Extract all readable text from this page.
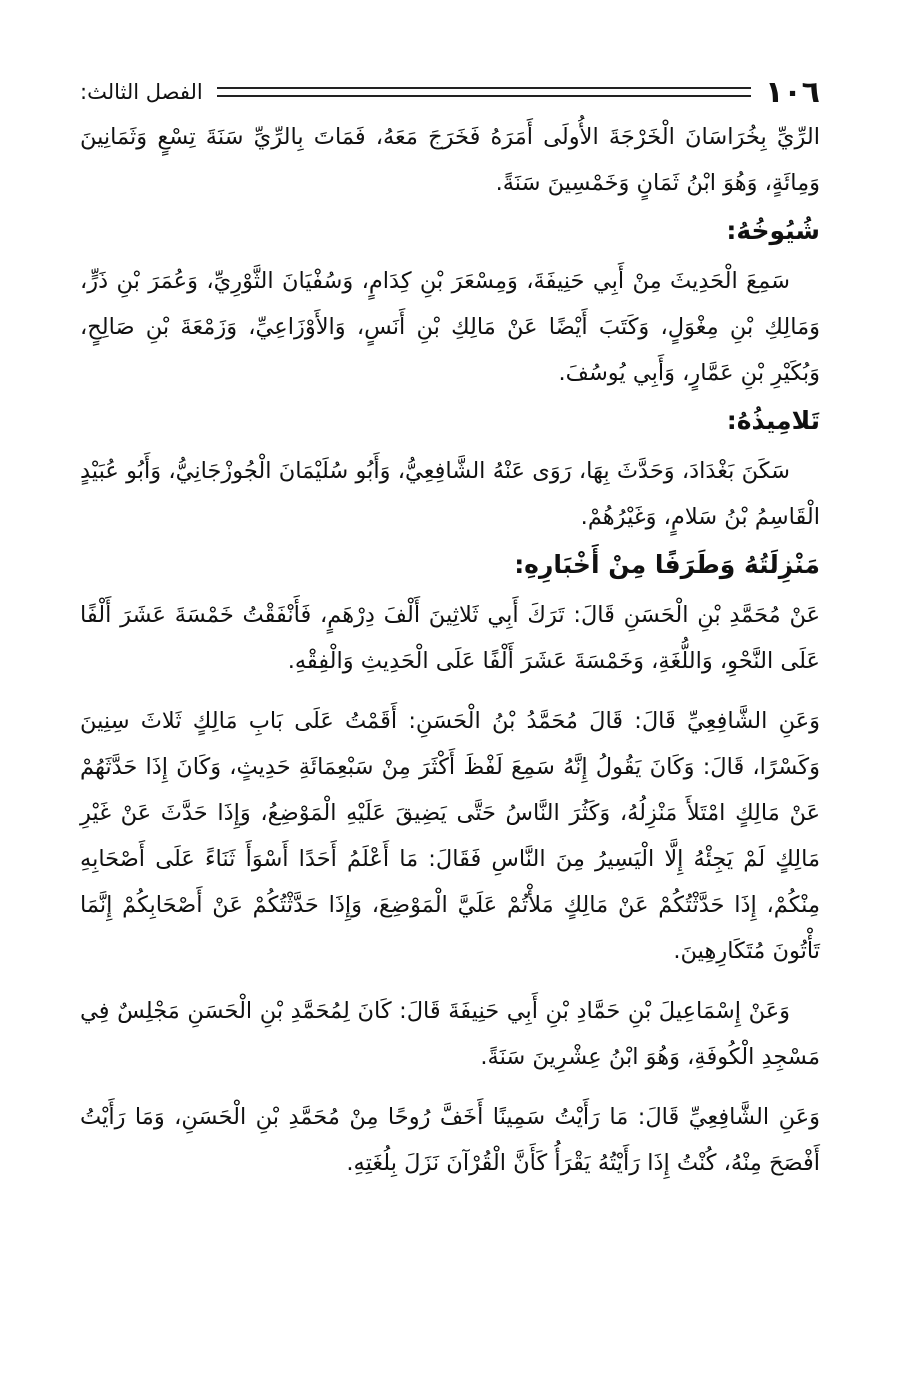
١٠٦
الفصل الثالث:

الرِّيِّ بِخُرَاسَانَ الْخَرْجَةَ الأُولَى أَمَرَهُ فَخَرَجَ مَعَهُ، فَمَاتَ بِالرِّيِّ سَنَةَ تِسْعٍ وَثَمَانِينَ وَمِائَةٍ، وَهُوَ ابْنُ ثَمَانٍ وَخَمْسِينَ سَنَةً.

شُيُوخُهُ:

سَمِعَ الْحَدِيثَ مِنْ أَبِي حَنِيفَةَ، وَمِسْعَرَ بْنِ كِدَامٍ، وَسُفْيَانَ الثَّوْرِيِّ، وَعُمَرَ بْنِ ذَرٍّ، وَمَالِكِ بْنِ مِغْوَلٍ، وَكَتَبَ أَيْضًا عَنْ مَالِكِ بْنِ أَنَسٍ، وَالأَوْزَاعِيِّ، وَزَمْعَةَ بْنِ صَالِحٍ، وَبُكَيْرِ بْنِ عَمَّارٍ، وَأَبِي يُوسُفَ.

تَلامِيذُهُ:

سَكَنَ بَغْدَادَ، وَحَدَّثَ بِهَا، رَوَى عَنْهُ الشَّافِعِيُّ، وَأَبُو سُلَيْمَانَ الْجُوزْجَانِيُّ، وَأَبُو عُبَيْدٍ الْقَاسِمُ بْنُ سَلامٍ، وَغَيْرُهُمْ.

مَنْزِلَتُهُ وَطَرَفًا مِنْ أَخْبَارِهِ:

عَنْ مُحَمَّدِ بْنِ الْحَسَنِ قَالَ: تَرَكَ أَبِي ثَلاثِينَ أَلْفَ دِرْهَمٍ، فَأَنْفَقْتُ خَمْسَةَ عَشَرَ أَلْفًا عَلَى النَّحْوِ، وَاللُّغَةِ، وَخَمْسَةَ عَشَرَ أَلْفًا عَلَى الْحَدِيثِ وَالْفِقْهِ.

وَعَنِ الشَّافِعِيِّ قَالَ: قَالَ مُحَمَّدُ بْنُ الْحَسَنِ: أَقَمْتُ عَلَى بَابِ مَالِكٍ ثَلاثَ سِنِينَ وَكَسْرًا، قَالَ: وَكَانَ يَقُولُ إِنَّهُ سَمِعَ لَفْظَ أَكْثَرَ مِنْ سَبْعِمَائَةِ حَدِيثٍ، وَكَانَ إِذَا حَدَّثَهُمْ عَنْ مَالِكٍ امْتَلأَ مَنْزِلُهُ، وَكَثُرَ النَّاسُ حَتَّى يَضِيقَ عَلَيْهِ الْمَوْضِعُ، وَإِذَا حَدَّثَ عَنْ غَيْرِ مَالِكٍ لَمْ يَجِئْهُ إِلَّا الْيَسِيرُ مِنَ النَّاسِ فَقَالَ: مَا أَعْلَمُ أَحَدًا أَسْوَأَ ثَنَاءً عَلَى أَصْحَابِهِ مِنْكُمْ، إِذَا حَدَّثْتُكُمْ عَنْ مَالِكٍ مَلأْتُمْ عَلَيَّ الْمَوْضِعَ، وَإِذَا حَدَّثْتُكُمْ عَنْ أَصْحَابِكُمْ إِنَّمَا تَأْتُونَ مُتَكَارِهِينَ.

وَعَنْ إِسْمَاعِيلَ بْنِ حَمَّادِ بْنِ أَبِي حَنِيفَةَ قَالَ: كَانَ لِمُحَمَّدِ بْنِ الْحَسَنِ مَجْلِسٌ فِي مَسْجِدِ الْكُوفَةِ، وَهُوَ ابْنُ عِشْرِينَ سَنَةً.

وَعَنِ الشَّافِعِيِّ قَالَ: مَا رَأَيْتُ سَمِينًا أَخَفَّ رُوحًا مِنْ مُحَمَّدِ بْنِ الْحَسَنِ، وَمَا رَأَيْتُ أَفْصَحَ مِنْهُ، كُنْتُ إِذَا رَأَيْتُهُ يَقْرَأُ كَأَنَّ الْقُرْآنَ نَزَلَ بِلُغَتِهِ.
